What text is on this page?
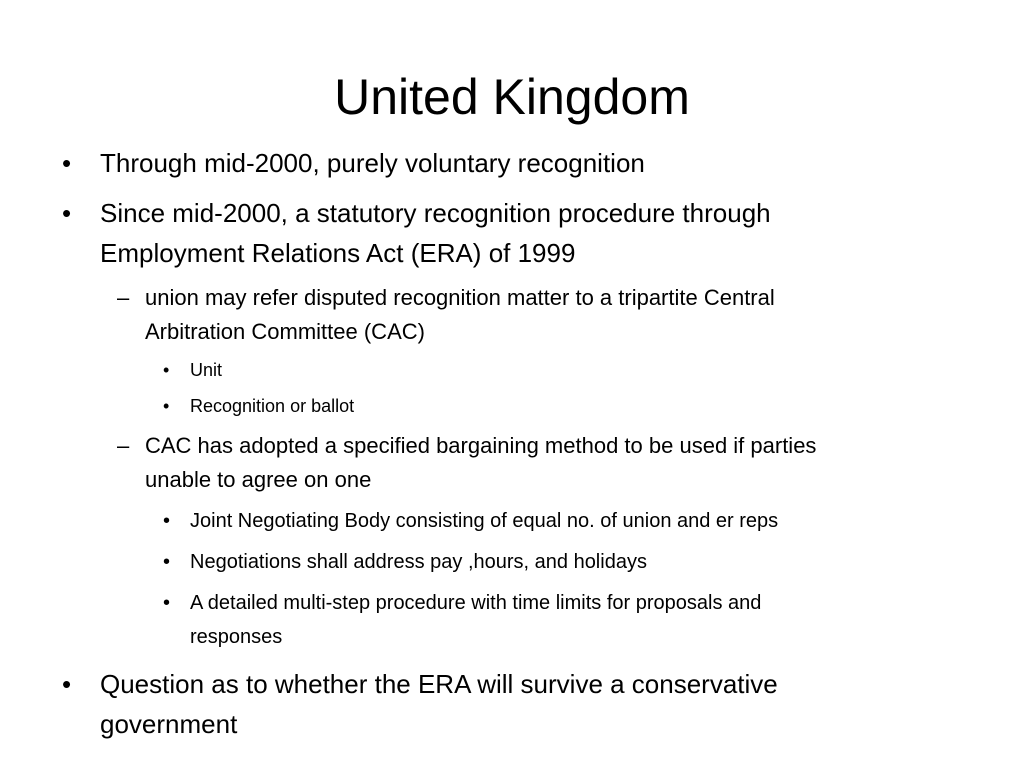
United Kingdom
• Through mid-2000, purely voluntary recognition
• Since mid-2000, a statutory recognition procedure through
Employment Relations Act (ERA) of 1999
– union may refer disputed recognition matter to a tripartite Central
Arbitration Committee (CAC)
• Unit
• Recognition or ballot
– CAC has adopted a specified bargaining method to be used if parties
unable to agree on one
• Joint Negotiating Body consisting of equal no. of union and er reps
• Negotiations shall address pay ,hours, and holidays
• A detailed multi-step procedure with time limits for proposals and
responses
• Question as to whether the ERA will survive a conservative
government
